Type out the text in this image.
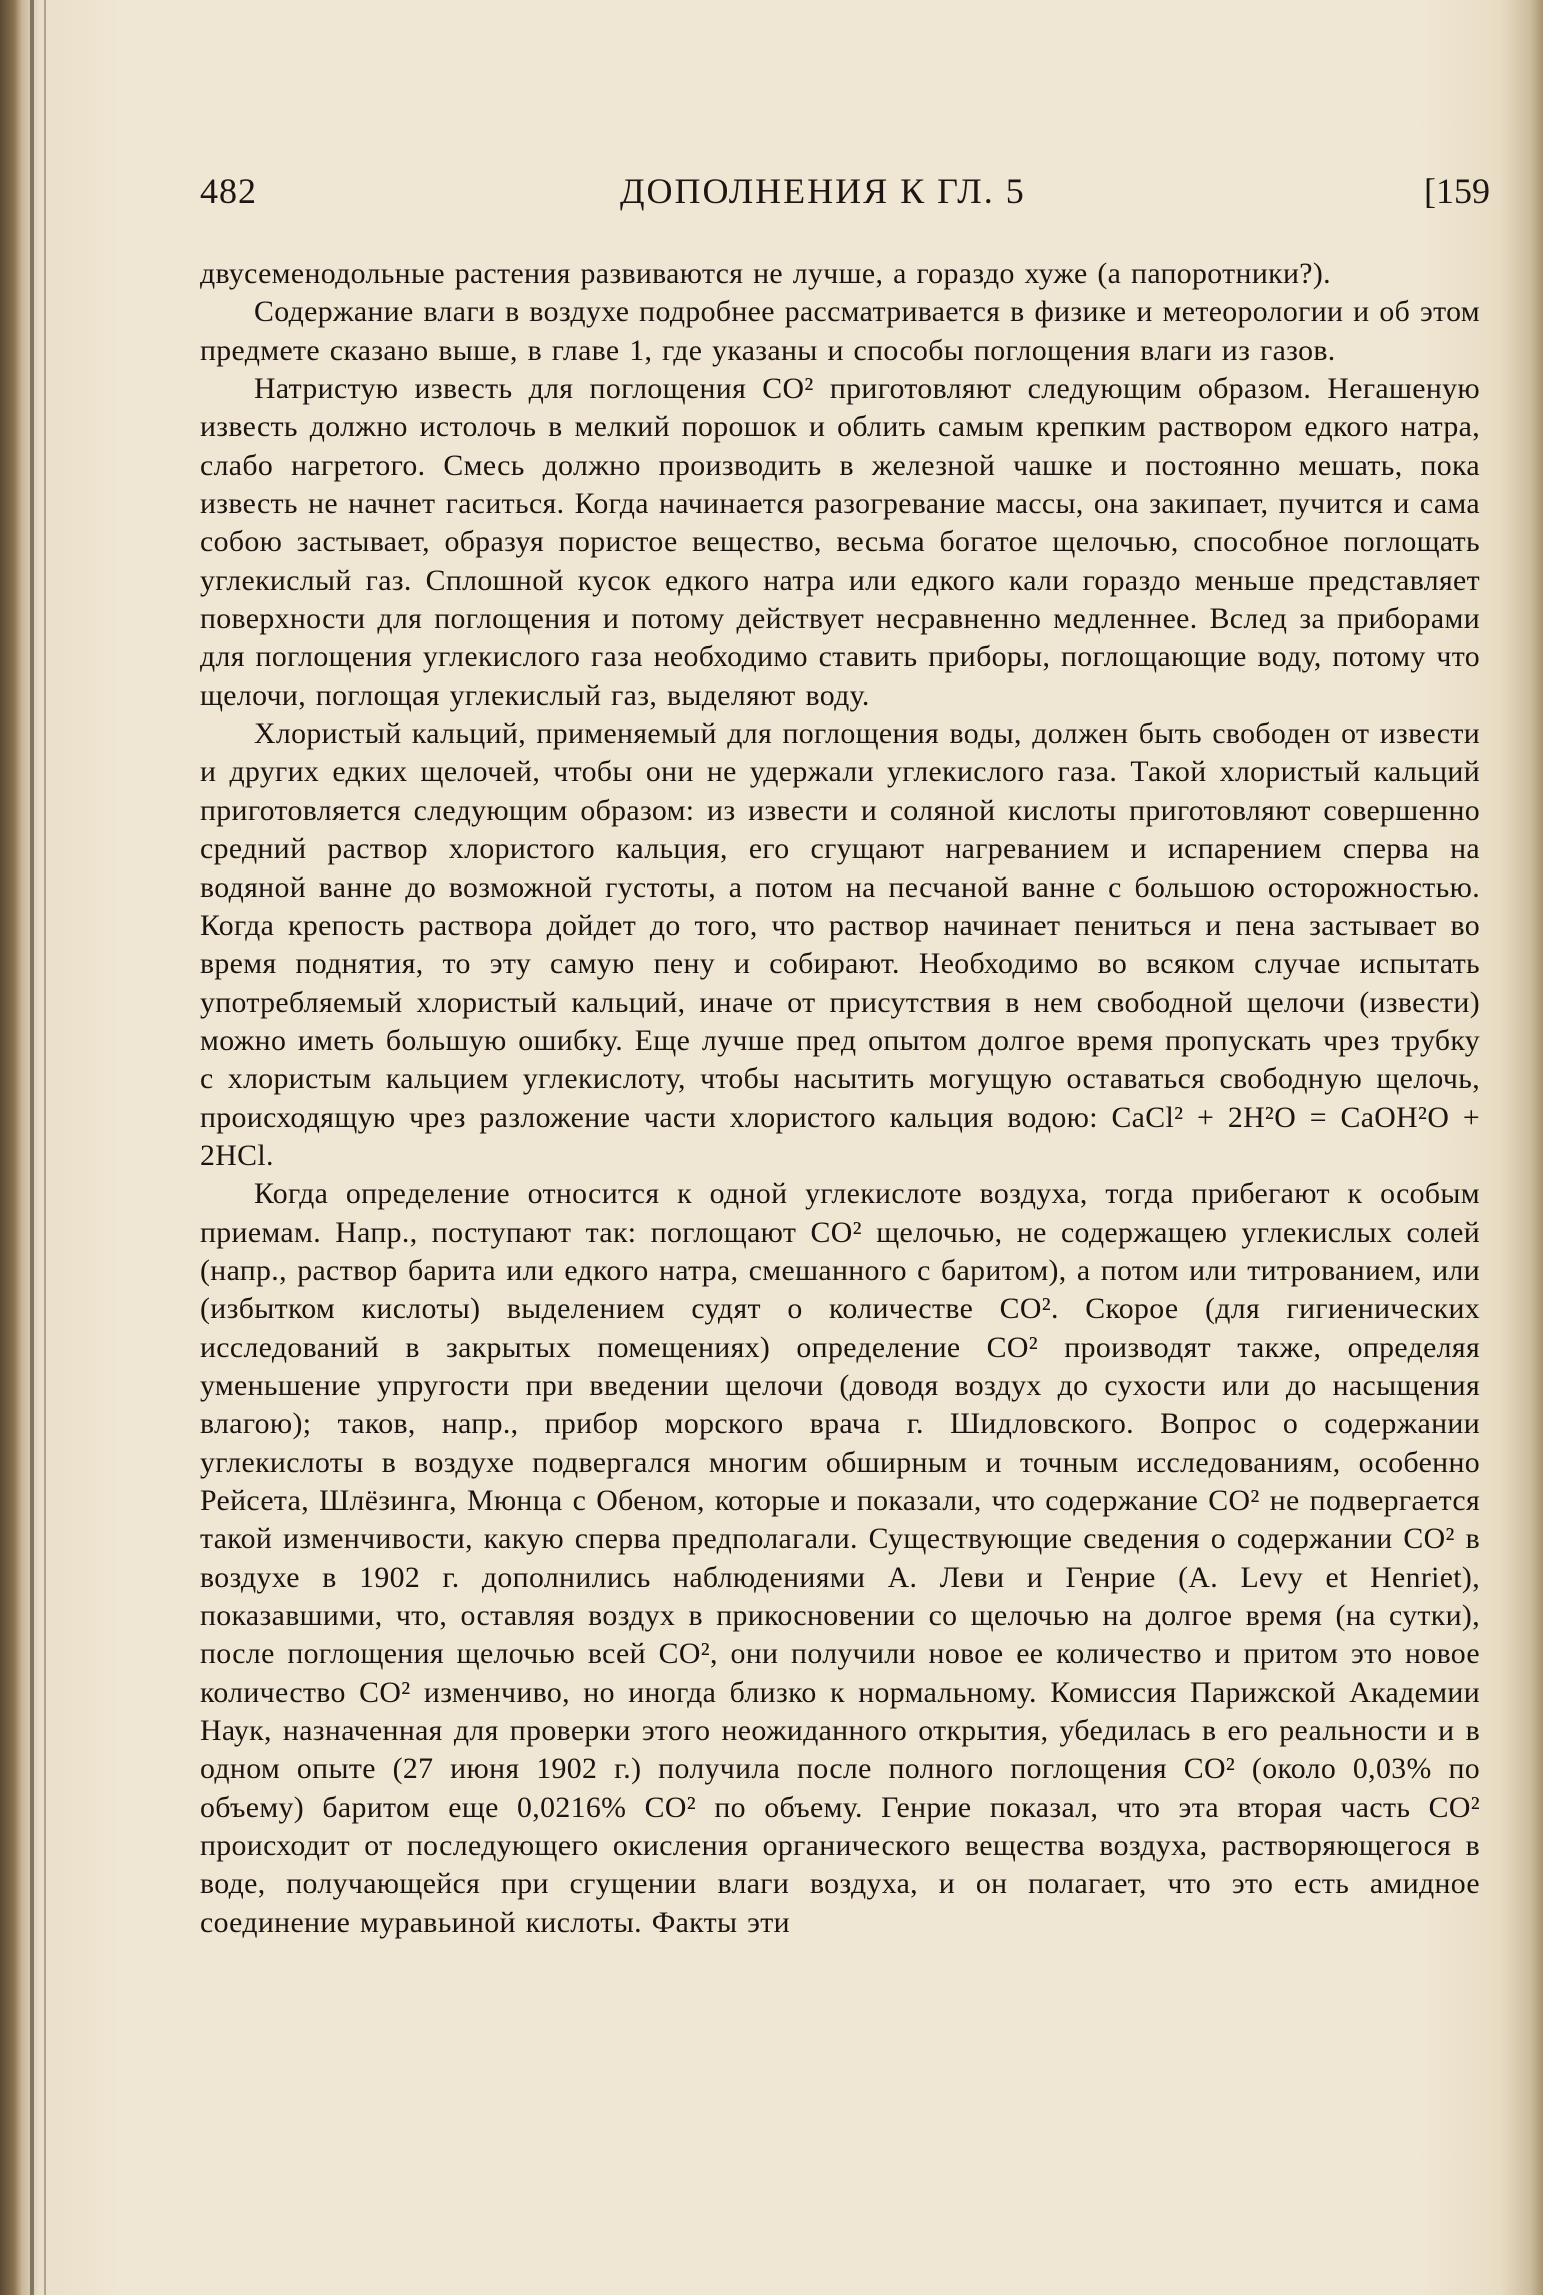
482	ДОПОЛНЕНИЯ К ГЛ. 5	[159

двусеменодольные растения развиваются не лучше, а гораздо хуже (а папоротники?).

Содержание влаги в воздухе подробнее рассматривается в физике и метеорологии и об этом предмете сказано выше, в главе 1, где указаны и способы поглощения влаги из газов.

Натристую известь для поглощения CO² приготовляют следующим образом. Негашеную известь должно истолочь в мелкий порошок и облить самым крепким раствором едкого натра, слабо нагретого. Смесь должно производить в железной чашке и постоянно мешать, пока известь не начнет гаситься. Когда начинается разогревание массы, она закипает, пучится и сама собою застывает, образуя пористое вещество, весьма богатое щелочью, способное поглощать углекислый газ. Сплошной кусок едкого натра или едкого кали гораздо меньше представляет поверхности для поглощения и потому действует несравненно медленнее. Вслед за приборами для поглощения углекислого газа необходимо ставить приборы, поглощающие воду, потому что щелочи, поглощая углекислый газ, выделяют воду.

Хлористый кальций, применяемый для поглощения воды, должен быть свободен от извести и других едких щелочей, чтобы они не удержали углекислого газа. Такой хлористый кальций приготовляется следующим образом: из извести и соляной кислоты приготовляют совершенно средний раствор хлористого кальция, его сгущают нагреванием и испарением сперва на водяной ванне до возможной густоты, а потом на песчаной ванне с большою осторожностью. Когда крепость раствора дойдет до того, что раствор начинает пениться и пена застывает во время поднятия, то эту самую пену и собирают. Необходимо во всяком случае испытать употребляемый хлористый кальций, иначе от присутствия в нем свободной щелочи (извести) можно иметь большую ошибку. Еще лучше пред опытом долгое время пропускать чрез трубку с хлористым кальцием углекислоту, чтобы насытить могущую оставаться свободную щелочь, происходящую чрез разложение части хлористого кальция водою: CaCl² + 2H²O = CaOH²O + 2HCl.

Когда определение относится к одной углекислоте воздуха, тогда прибегают к особым приемам. Напр., поступают так: поглощают CO² щелочью, не содержащею углекислых солей (напр., раствор барита или едкого натра, смешанного с баритом), а потом или титрованием, или (избытком кислоты) выделением судят о количестве CO². Скорое (для гигиенических исследований в закрытых помещениях) определение CO² производят также, определяя уменьшение упругости при введении щелочи (доводя воздух до сухости или до насыщения влагою); таков, напр., прибор морского врача г. Шидловского. Вопрос о содержании углекислоты в воздухе подвергался многим обширным и точным исследованиям, особенно Рейсета, Шлёзинга, Мюнца с Обеном, которые и показали, что содержание CO² не подвергается такой изменчивости, какую сперва предполагали. Существующие сведения о содержании CO² в воздухе в 1902 г. дополнились наблюдениями А. Леви и Генрие (A. Levy et Henriet), показавшими, что, оставляя воздух в прикосновении со щелочью на долгое время (на сутки), после поглощения щелочью всей CO², они получили новое ее количество и притом это новое количество CO² изменчиво, но иногда близко к нормальному. Комиссия Парижской Академии Наук, назначенная для проверки этого неожиданного открытия, убедилась в его реальности и в одном опыте (27 июня 1902 г.) получила после полного поглощения CO² (около 0,03% по объему) баритом еще 0,0216% CO² по объему. Генрие показал, что эта вторая часть CO² происходит от последующего окисления органического вещества воздуха, растворяющегося в воде, получающейся при сгущении влаги воздуха, и он полагает, что это есть амидное соединение муравьиной кислоты. Факты эти
